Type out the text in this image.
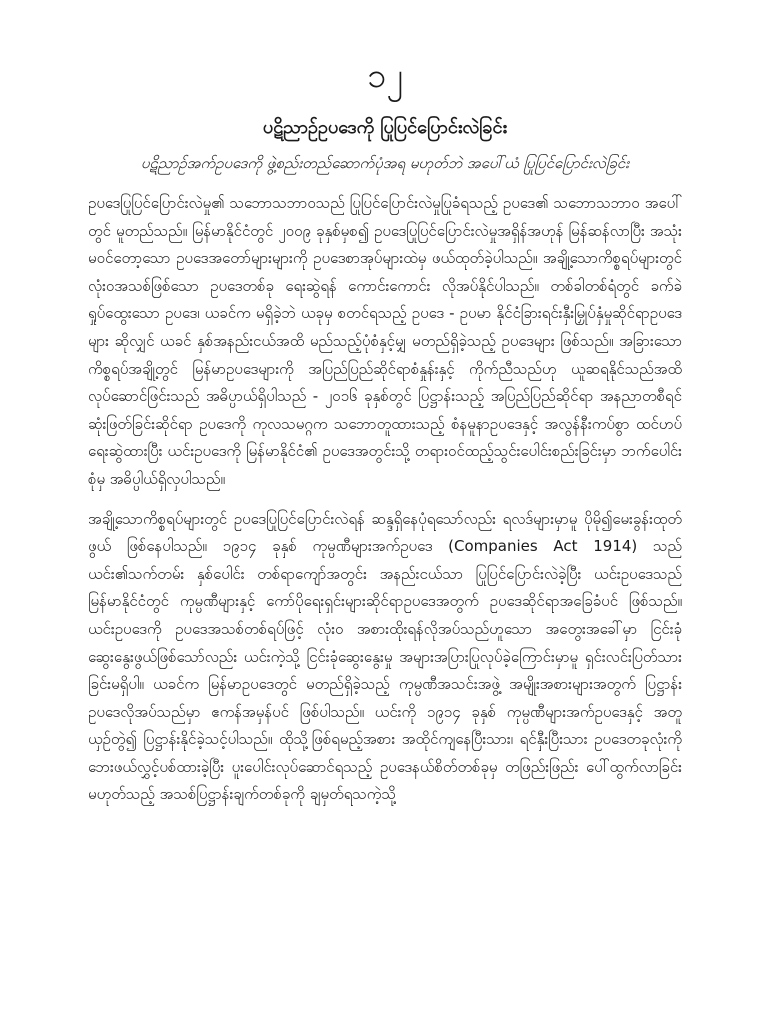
၁၂
ပဋိညာဉ်ဥပဒေကို ပြုပြင်ပြောင်းလဲခြင်း
ပဋိညာဉ်အက်ဥပဒေကို ဖွဲ့စည်းတည်ဆောက်ပုံအရ မဟုတ်ဘဲ အပေါ်ယံ ပြုပြင်ပြောင်းလဲခြင်း

ဥပဒေပြုပြင်ပြောင်းလဲမှု၏ သဘောသဘာဝသည် ပြုပြင်ပြောင်းလဲမှုပြုခံရသည့် ဥပဒေ၏ သဘောသဘာဝ အပေါ်တွင် မူတည်သည်။ မြန်မာနိုင်ငံတွင် ၂၀၀၉ ခုနှစ်မှစ၍ ဥပဒေပြုပြင်ပြောင်းလဲမှုအရှိန်အဟုန် မြန်ဆန်လာပြီး အသုံးမဝင်တော့သော ဥပဒေအတော်များများကို ဥပဒေစာအုပ်များထဲမှ ဖယ်ထုတ်ခဲ့ပါသည်။ အချို့သောကိစ္စရပ်များတွင် လုံးဝအသစ်ဖြစ်သော ဥပဒေတစ်ခု ရေးဆွဲရန် ကောင်းကောင်း လိုအပ်နိုင်ပါသည်။ တစ်ခါတစ်ရံတွင် ခက်ခဲရှုပ်ထွေးသော ဥပဒေ၊ ယခင်က မရှိခဲ့ဘဲ ယခုမှ စတင်ရသည့် ဥပဒေ - ဥပမာ နိုင်ငံခြားရင်းနှီးမြှုပ်နှံမှုဆိုင်ရာဥပဒေများ ဆိုလျှင် ယခင် နှစ်အနည်းငယ်အထိ မည်သည့်ပုံစံနှင့်မျှ မတည်ရှိခဲ့သည့် ဥပဒေများ ဖြစ်သည်။ အခြားသောကိစ္စရပ်အချို့တွင် မြန်မာဥပဒေများကို အပြည်ပြည်ဆိုင်ရာစံနှုန်းနှင့် ကိုက်ညီသည်ဟု ယူဆရနိုင်သည်အထိ လုပ်ဆောင်ဖြင်းသည် အဓိပ္ပာယ်ရှိပါသည် - ၂၀၁၆ ခုနှစ်တွင် ပြဋ္ဌာန်းသည့် အပြည်ပြည်ဆိုင်ရာ အနညာတစီရင်ဆုံးဖြတ်ခြင်းဆိုင်ရာ ဥပဒေကို ကုလသမဂ္ဂက သဘောတူထားသည့် စံနမူနာဥပဒေနှင့် အလွန်နီးကပ်စွာ ထင်ဟပ်ရေးဆွဲထားပြီး ယင်းဥပဒေကို မြန်မာနိုင်ငံ၏ ဥပဒေအတွင်းသို့ တရားဝင်ထည့်သွင်းပေါင်းစည်းခြင်းမှာ ဘက်ပေါင်းစုံမှ အဓိပ္ပါယ်ရှိလှပါသည်။

အချို့သောကိစ္စရပ်များတွင် ဥပဒေပြုပြင်ပြောင်းလဲရန် ဆန္ဒရှိနေပုံရသော်လည်း ရလဒ်များမှာမူ ပိုမို၍မေးခွန်းထုတ်ဖွယ် ဖြစ်နေပါသည်။ ၁၉၁၄ ခုနှစ် ကုမ္ပဏီများအက်ဥပဒေ (Companies Act 1914) သည် ယင်း၏သက်တမ်း နှစ်ပေါင်း တစ်ရာကျော်အတွင်း အနည်းငယ်သာ ပြုပြင်ပြောင်းလဲခဲ့ပြီး ယင်းဥပဒေသည် မြန်မာနိုင်ငံတွင် ကုမ္ပဏီများနှင့် ကော်ပိုရေးရှင်းများဆိုင်ရာဥပဒေအတွက် ဥပဒေဆိုင်ရာအခြေခံပင် ဖြစ်သည်။ ယင်းဥပဒေကို ဥပဒေအသစ်တစ်ရပ်ဖြင့် လုံးဝ အစားထိုးရန်လိုအပ်သည်ဟူသော အတွေးအခေါ်မှာ ငြင်းခုံဆွေးနွေးဖွယ်ဖြစ်သော်လည်း ယင်းကဲ့သို့ ငြင်းခုံဆွေးနွေးမှု အများအပြားပြုလုပ်ခဲ့ကြောင်းမှာမူ ရှင်းလင်းပြတ်သားခြင်းမရှိပါ။ ယခင်က မြန်မာဥပဒေတွင် မတည်ရှိခဲ့သည့် ကုမ္ပဏီအသင်းအဖွဲ့ အမျိုးအစားများအတွက် ပြဋ္ဌာန်းဥပဒေလိုအပ်သည်မှာ ဧကန်အမှန်ပင် ဖြစ်ပါသည်။ ယင်းကို ၁၉၁၄ ခုနှစ် ကုမ္ပဏီများအက်ဥပဒေနှင့် အတူယှဉ်တွဲ၍ ပြဋ္ဌာန်းနိုင်ခဲ့သင့်ပါသည်။ ထိုသို့ဖြစ်ရမည့်အစား အထိုင်ကျနေပြီးသား၊ ရင်နှီးပြီးသား ဥပဒေတခုလုံးကို ဘေးဖယ်လွှင့်ပစ်ထားခဲ့ပြီး ပူးပေါင်းလုပ်ဆောင်ရသည့် ဥပဒေနယ်စိတ်တစ်ခုမှ တဖြည်းဖြည်း ပေါ်ထွက်လာခြင်းမဟုတ်သည့် အသစ်ပြဋ္ဌာန်းချက်တစ်ခုကို ချမှတ်ရသကဲ့သို့
